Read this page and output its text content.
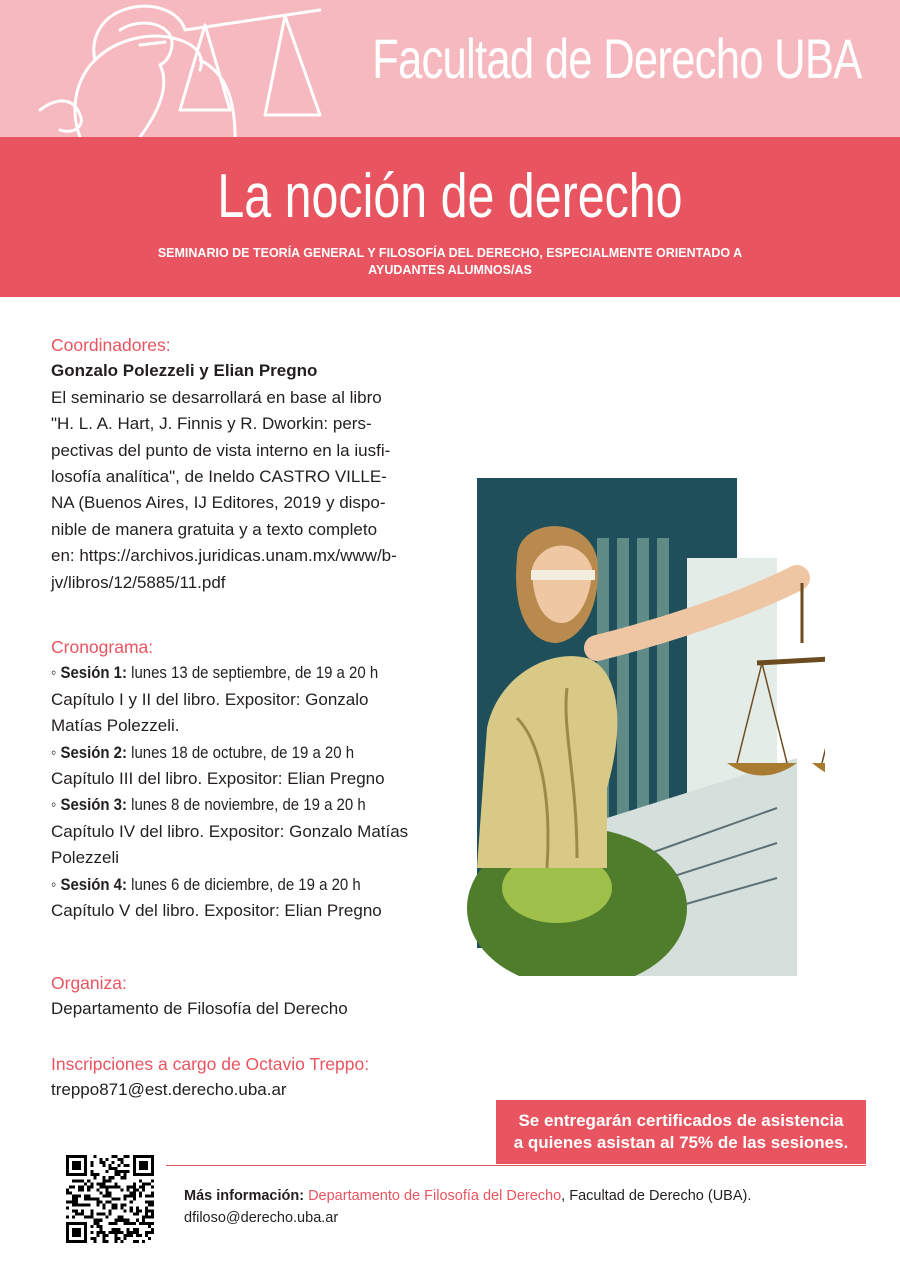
Facultad de Derecho UBA
La noción de derecho
SEMINARIO DE TEORÍA GENERAL Y FILOSOFÍA DEL DERECHO, ESPECIALMENTE ORIENTADO A AYUDANTES ALUMNOS/AS
Coordinadores:
Gonzalo Polezzeli y Elian Pregno
El seminario se desarrollará en base al libro
"H. L. A. Hart, J. Finnis y R. Dworkin: pers-
pectivas del punto de vista interno en la iusfi-
losofía analítica", de Ineldo CASTRO VILLE-
NA (Buenos Aires, IJ Editores, 2019 y dispo-
nible de manera gratuita y a texto completo
en: https://archivos.juridicas.unam.mx/www/b-
jv/libros/12/5885/11.pdf
Cronograma:
◦ Sesión 1: lunes 13 de septiembre, de 19 a 20 h
Capítulo I y II del libro. Expositor: Gonzalo
Matías Polezzeli.
◦ Sesión 2: lunes 18 de octubre, de 19 a 20 h
Capítulo III del libro. Expositor: Elian Pregno
◦ Sesión 3: lunes 8 de noviembre, de 19 a 20 h
Capítulo IV del libro. Expositor: Gonzalo Matías
Polezzeli
◦ Sesión 4: lunes 6 de diciembre, de 19 a 20 h
Capítulo V del libro. Expositor: Elian Pregno
Organiza:
Departamento de Filosofía del Derecho
Inscripciones a cargo de Octavio Treppo:
treppo871@est.derecho.uba.ar
Se entregarán certificados de asistencia
a quienes asistan al 75% de las sesiones.
Más información: Departamento de Filosofía del Derecho, Facultad de Derecho (UBA).
dfiloso@derecho.uba.ar
